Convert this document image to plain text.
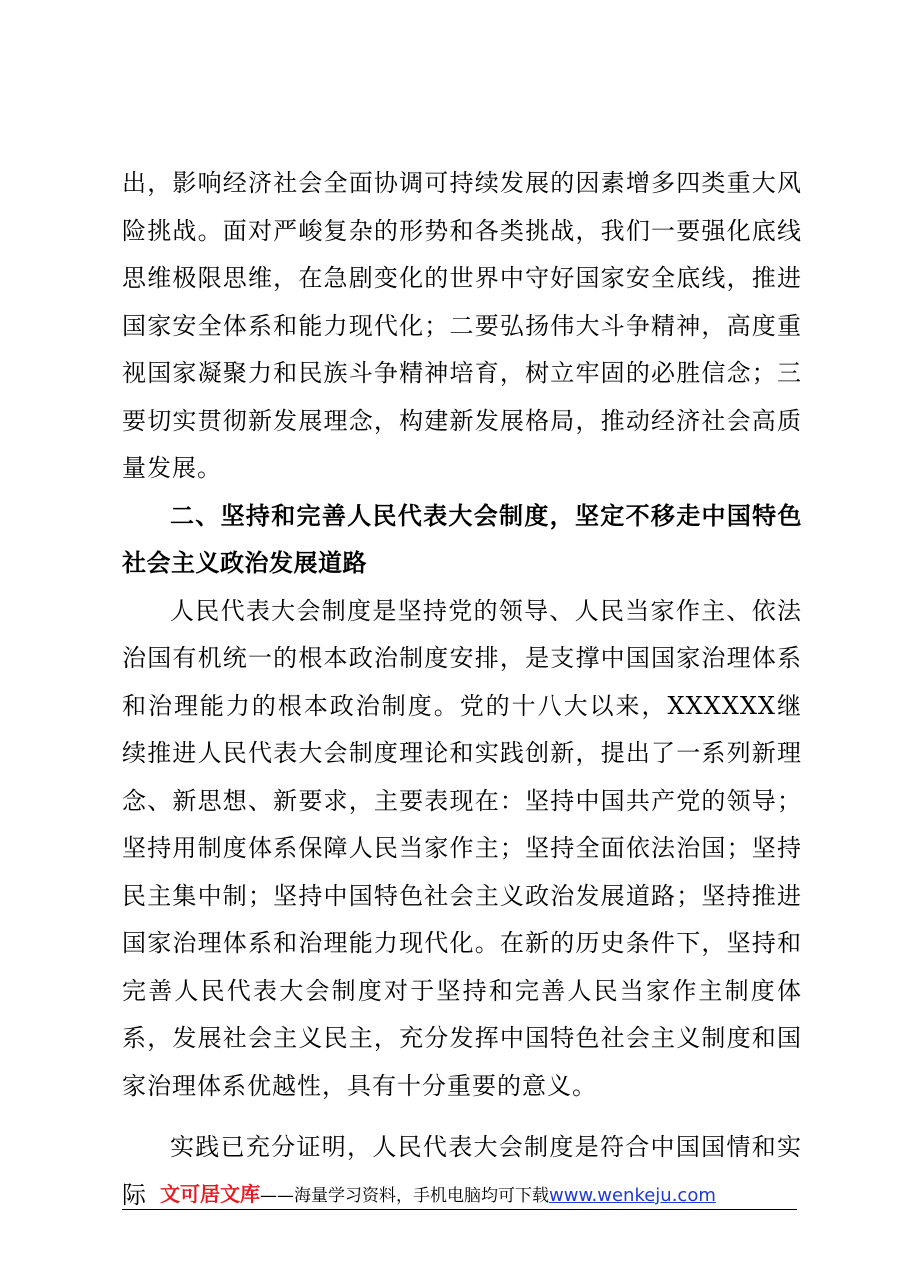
出，影响经济社会全面协调可持续发展的因素增多四类重大风险挑战。面对严峻复杂的形势和各类挑战，我们一要强化底线思维极限思维，在急剧变化的世界中守好国家安全底线，推进国家安全体系和能力现代化；二要弘扬伟大斗争精神，高度重视国家凝聚力和民族斗争精神培育，树立牢固的必胜信念；三要切实贯彻新发展理念，构建新发展格局，推动经济社会高质量发展。

二、坚持和完善人民代表大会制度，坚定不移走中国特色社会主义政治发展道路

人民代表大会制度是坚持党的领导、人民当家作主、依法治国有机统一的根本政治制度安排，是支撑中国国家治理体系和治理能力的根本政治制度。党的十八大以来，XXXXXX继续推进人民代表大会制度理论和实践创新，提出了一系列新理念、新思想、新要求，主要表现在：坚持中国共产党的领导；坚持用制度体系保障人民当家作主；坚持全面依法治国；坚持民主集中制；坚持中国特色社会主义政治发展道路；坚持推进国家治理体系和治理能力现代化。在新的历史条件下，坚持和完善人民代表大会制度对于坚持和完善人民当家作主制度体系，发展社会主义民主，充分发挥中国特色社会主义制度和国家治理体系优越性，具有十分重要的意义。

实践已充分证明，人民代表大会制度是符合中国国情和实际 文可居文库——海量学习资料，手机电脑均可下载www.wenkeju.com
